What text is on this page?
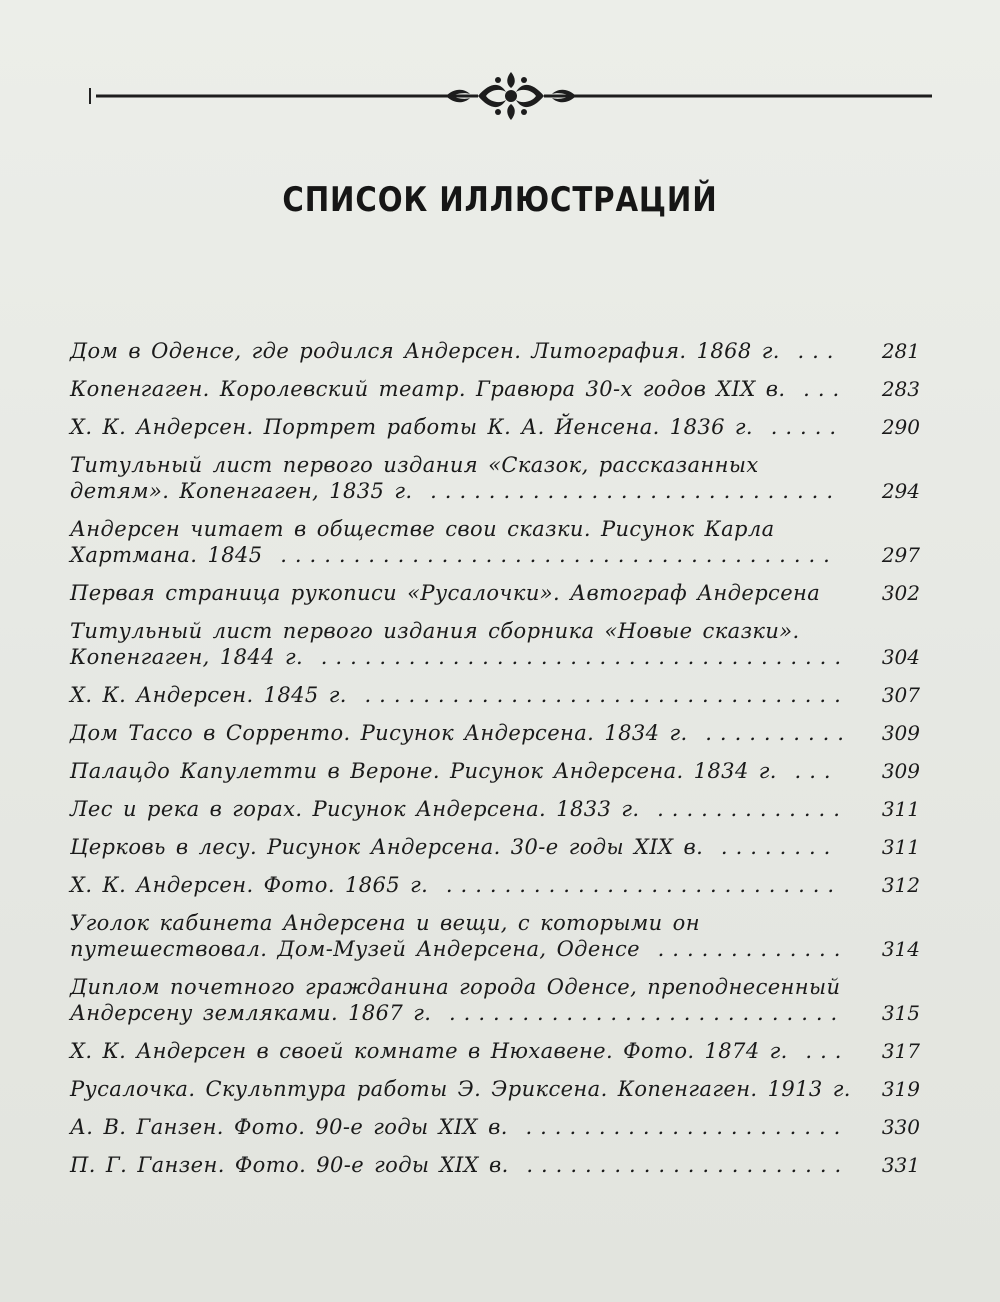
СПИСОК ИЛЛЮСТРАЦИЙ
Дом в Оденсе, где родился Андерсен. Литография. 1868 г. ...	281
Копенгаген. Королевский театр. Гравюра 30-х годов XIX в. ...	283
Х. К. Андерсен. Портрет работы К. А. Йенсена. 1836 г. .....	290
Титульный лист первого издания «Сказок, рассказанных детям». Копенгаген, 1835 г. ............................	294
Андерсен читает в обществе свои сказки. Рисунок Карла Хартмана. 1845 ......................................	297
Первая страница рукописи «Русалочки». Автограф Андерсена	302
Титульный лист первого издания сборника «Новые сказки». Копенгаген, 1844 г. ....................................	304
Х. К. Андерсен. 1845 г. .................................	307
Дом Тассо в Сорренто. Рисунок Андерсена. 1834 г. ..........	309
Палацдо Капулетти в Вероне. Рисунок Андерсена. 1834 г. ...	309
Лес и река в горах. Рисунок Андерсена. 1833 г. .............	311
Церковь в лесу. Рисунок Андерсена. 30-е годы XIX в. ........	311
Х. К. Андерсен. Фото. 1865 г. ...........................	312
Уголок кабинета Андерсена и вещи, с которыми он путешествовал. Дом-Музей Андерсена, Оденсе .............	314
Диплом почетного гражданина города Оденсе, преподнесенный Андерсену земляками. 1867 г. ...........................	315
Х. К. Андерсен в своей комнате в Нюхавене. Фото. 1874 г. ...	317
Русалочка. Скульптура работы Э. Эриксена. Копенгаген. 1913 г.	319
А. В. Ганзен. Фото. 90-е годы XIX в. ......................	330
П. Г. Ганзен. Фото. 90-е годы XIX в. ......................	331
